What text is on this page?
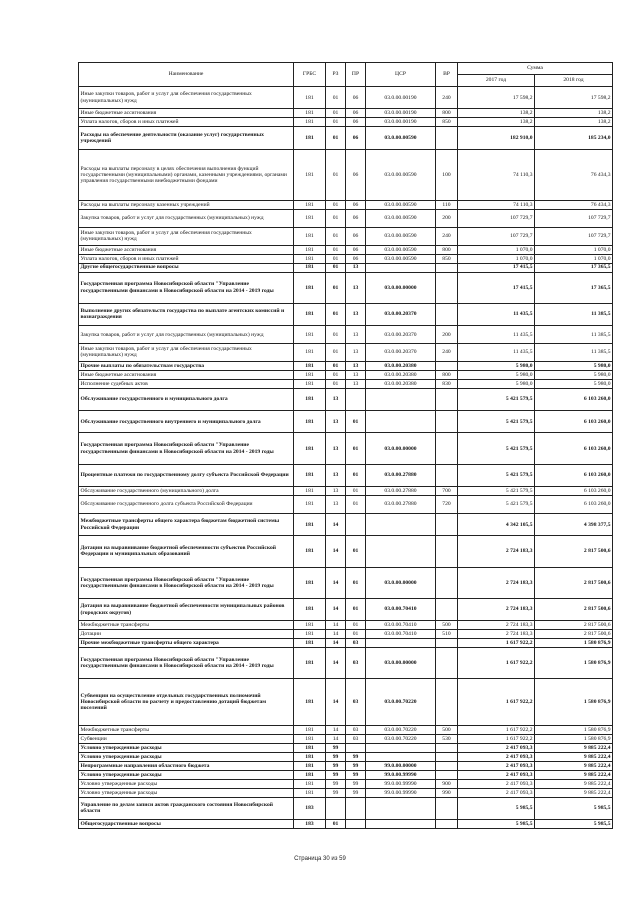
Наименование	ГРБС	РЗ	ПР	ЦСР	ВР	Сумма	
						2017 год	2018 год
Иные закупки товаров, работ и услуг для обеспечения государственных (муниципальных) нужд	181	01	06	03.0.00.00190	240	17 598,2	17 598,2
Иные бюджетные ассигнования	181	01	06	03.0.00.00190	800	138,2	138,2
Уплата налогов, сборов и иных платежей	181	01	06	03.0.00.00190	850	138,2	138,2
Расходы на обеспечение деятельности (оказание услуг) государственных учреждений	181	01	06	03.0.00.00590		182 910,0	185 234,0
Расходы на выплаты персоналу в целях обеспечения выполнения функций государственными (муниципальными) органами, казенными учреждениями, органами управления государственными внебюджетными фондами	181	01	06	03.0.00.00590	100	74 110,3	76 434,3
Расходы на выплаты персоналу казенных учреждений	181	01	06	03.0.00.00590	110	74 110,3	76 434,3
Закупка товаров, работ и услуг для государственных (муниципальных) нужд	181	01	06	03.0.00.00590	200	107 729,7	107 729,7
Иные закупки товаров, работ и услуг для обеспечения государственных (муниципальных) нужд	181	01	06	03.0.00.00590	240	107 729,7	107 729,7
Иные бюджетные ассигнования	181	01	06	03.0.00.00590	800	1 070,0	1 070,0
Уплата налогов, сборов и иных платежей	181	01	06	03.0.00.00590	850	1 070,0	1 070,0
Другие общегосударственные вопросы	181	01	13			17 415,5	17 365,5
Государственная программа Новосибирской области "Управление государственными финансами в Новосибирской области на 2014 - 2019 годы	181	01	13	03.0.00.00000		17 415,5	17 365,5
Выполнение других обязательств государства по выплате агентских комиссий и вознаграждения	181	01	13	03.0.00.20370		11 435,5	11 385,5
Закупка товаров, работ и услуг для государственных (муниципальных) нужд	181	01	13	03.0.00.20370	200	11 435,5	11 385,5
Иные закупки товаров, работ и услуг для обеспечения государственных (муниципальных) нужд	181	01	13	03.0.00.20370	240	11 435,5	11 385,5
Прочие выплаты по обязательствам государства	181	01	13	03.0.00.20380		5 980,0	5 980,0
Иные бюджетные ассигнования	181	01	13	03.0.00.20380	800	5 980,0	5 980,0
Исполнение судебных актов	181	01	13	03.0.00.20380	830	5 980,0	5 980,0
Обслуживание государственного и муниципального долга	181	13				5 421 579,5	6 103 260,0
Обслуживание государственного внутреннего и муниципального долга	181	13	01			5 421 579,5	6 103 260,0
Государственная программа Новосибирской области "Управление государственными финансами в Новосибирской области на 2014 - 2019 годы	181	13	01	03.0.00.00000		5 421 579,5	6 103 260,0
Процентные платежи по государственному долгу субъекта Российской Федерации	181	13	01	03.0.00.27880		5 421 579,5	6 103 260,0
Обслуживание государственного (муниципального) долга	181	13	01	03.0.00.27880	700	5 421 579,5	6 103 260,0
Обслуживание государственного долга субъекта Российской Федерации	181	13	01	03.0.00.27880	720	5 421 579,5	6 103 260,0
Межбюджетные трансферты общего характера бюджетам бюджетной системы Российской Федерации	181	14				4 342 105,5	4 398 377,5
Дотации на выравнивание бюджетной обеспеченности субъектов Российской Федерации и муниципальных образований	181	14	01			2 724 183,3	2 817 500,6
Государственная программа Новосибирской области "Управление государственными финансами в Новосибирской области на 2014 - 2019 годы	181	14	01	03.0.00.00000		2 724 183,3	2 817 500,6
Дотация на выравнивание бюджетной обеспеченности муниципальных районов (городских округов)	181	14	01	03.0.00.70410		2 724 183,3	2 817 500,6
Межбюджетные трансферты	181	14	01	03.0.00.70410	500	2 724 183,3	2 817 500,6
Дотации	181	14	01	03.0.00.70410	510	2 724 183,3	2 817 500,6
Прочие межбюджетные трансферты общего характера	181	14	03			1 617 922,2	1 580 876,9
Государственная программа Новосибирской области "Управление государственными финансами в Новосибирской области на 2014 - 2019 годы	181	14	03	03.0.00.00000		1 617 922,2	1 580 876,9
Субвенции на осуществление отдельных государственных полномочий Новосибирской области по расчету и предоставлению дотаций бюджетам поселений	181	14	03	03.0.00.70220		1 617 922,2	1 580 876,9
Межбюджетные трансферты	181	14	03	03.0.00.70220	500	1 617 922,2	1 580 876,9
Субвенции	181	14	03	03.0.00.70220	530	1 617 922,2	1 580 876,9
Условно утвержденные расходы	181	99				2 417 093,3	9 885 222,4
Условно утвержденные расходы	181	99	99			2 417 093,3	9 885 222,4
Непрограммные направления областного бюджета	181	99	99	99.0.00.00000		2 417 093,3	9 885 222,4
Условно утвержденные расходы	181	99	99	99.0.00.99990		2 417 093,3	9 885 222,4
Условно утвержденные расходы	181	99	99	99.0.00.99990	900	2 417 093,3	9 885 222,4
Условно утвержденные расходы	181	99	99	99.0.00.99990	990	2 417 093,3	9 885 222,4
Управление по делам записи актов гражданского состояния Новосибирской области	183					5 985,5	5 985,5
Общегосударственные вопросы	183	01				5 985,5	5 985,5
Страница 30 из 59
